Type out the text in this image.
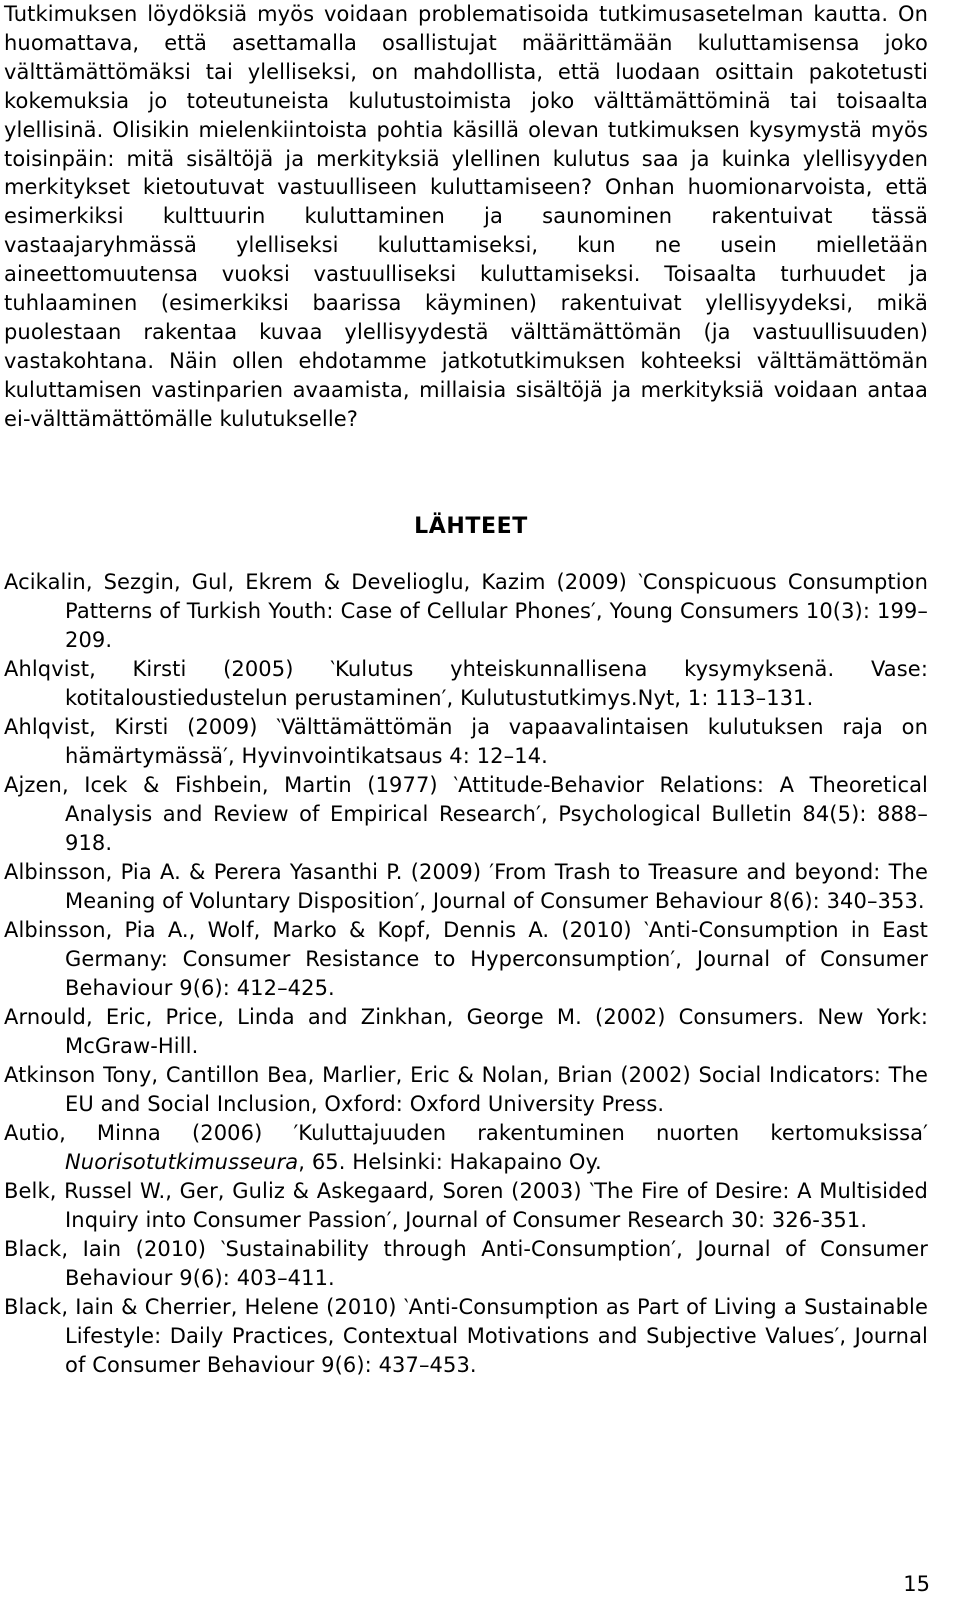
Tutkimuksen löydöksiä myös voidaan problematisoida tutkimusasetelman kautta. On huomattava, että asettamalla osallistujat määrittämään kuluttamisensa joko välttämättömäksi tai ylelliseksi, on mahdollista, että luodaan osittain pakotetusti kokemuksia jo toteutuneista kulutustoimista joko välttämättöminä tai toisaalta ylellisinä. Olisikin mielenkiintoista pohtia käsillä olevan tutkimuksen kysymystä myös toisinpäin: mitä sisältöjä ja merkityksiä ylellinen kulutus saa ja kuinka ylellisyyden merkitykset kietoutuvat vastuulliseen kuluttamiseen? Onhan huomionarvoista, että esimerkiksi kulttuurin kuluttaminen ja saunominen rakentuivat tässä vastaajaryhmässä ylelliseksi kuluttamiseksi, kun ne usein mielletään aineettomuutensa vuoksi vastuulliseksi kuluttamiseksi. Toisaalta turhuudet ja tuhlaaminen (esimerkiksi baarissa käyminen) rakentuivat ylellisyydeksi, mikä puolestaan rakentaa kuvaa ylellisyydestä välttämättömän (ja vastuullisuuden) vastakohtana. Näin ollen ehdotamme jatkotutkimuksen kohteeksi välttämättömän kuluttamisen vastinparien avaamista, millaisia sisältöjä ja merkityksiä voidaan antaa ei-välttämättömälle kulutukselle?

LÄHTEET
Acikalin, Sezgin, Gul, Ekrem & Develioglu, Kazim (2009) ‵Conspicuous Consumption Patterns of Turkish Youth: Case of Cellular Phones′, Young Consumers 10(3): 199–209.
Ahlqvist, Kirsti (2005) ‵Kulutus yhteiskunnallisena kysymyksenä. Vase: kotitaloustiedustelun perustaminen′, Kulutustutkimys.Nyt, 1: 113–131.
Ahlqvist, Kirsti (2009) ‵Välttämättömän ja vapaavalintaisen kulutuksen raja on hämärtymässä′, Hyvinvointikatsaus 4: 12–14.
Ajzen, Icek & Fishbein, Martin (1977) ‵Attitude-Behavior Relations: A Theoretical Analysis and Review of Empirical Research′, Psychological Bulletin 84(5): 888–918.
Albinsson, Pia A. & Perera Yasanthi P. (2009) ′From Trash to Treasure and beyond: The Meaning of Voluntary Disposition′, Journal of Consumer Behaviour 8(6): 340–353.
Albinsson, Pia A., Wolf, Marko & Kopf, Dennis A. (2010) ‵Anti-Consumption in East Germany: Consumer Resistance to Hyperconsumption′, Journal of Consumer Behaviour 9(6): 412–425.
Arnould, Eric, Price, Linda and Zinkhan, George M. (2002) Consumers. New York: McGraw-Hill.
Atkinson Tony, Cantillon Bea, Marlier, Eric & Nolan, Brian (2002) Social Indicators: The EU and Social Inclusion, Oxford: Oxford University Press.
Autio, Minna (2006) ′Kuluttajuuden rakentuminen nuorten kertomuksissa′ Nuorisotutkimusseura, 65. Helsinki: Hakapaino Oy.
Belk, Russel W., Ger, Guliz & Askegaard, Soren (2003) ‵The Fire of Desire: A Multisided Inquiry into Consumer Passion′, Journal of Consumer Research 30: 326-351.
Black, Iain (2010) ‵Sustainability through Anti-Consumption′, Journal of Consumer Behaviour 9(6): 403–411.
Black, Iain & Cherrier, Helene (2010) ‵Anti-Consumption as Part of Living a Sustainable Lifestyle: Daily Practices, Contextual Motivations and Subjective Values′, Journal of Consumer Behaviour 9(6): 437–453.
15
